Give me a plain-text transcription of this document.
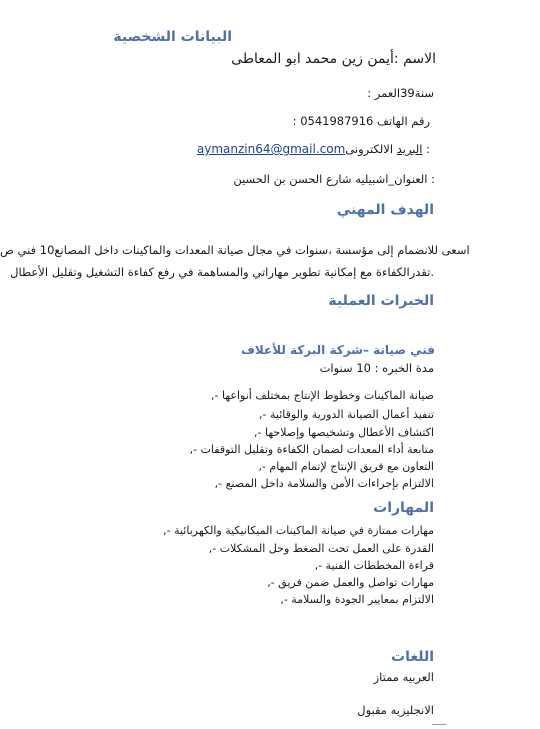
البيانات الشخصية
الاسم :أيمن زين محمد ابو المعاطى
سنة39العمر :
رقم الهاتف 0541987916 :
: البريد الالكترونىaymanzin64@gmail.com
: العنوان_اشبيليه شارع الحسن بن الحسين
الهدف المهني
اسعى للانضمام إلى مؤسسة ،سنوات في مجال صيانة المعدات والماكينات داخل المصانع10 فني ص
.تقدرالكفاءة مع إمكانية تطوير مهاراتي والمساهمة في رفع كفاءة التشغيل وتقليل الأعطال
الخبرات العملية
فني صيانة –شركة البركة للأعلاف
مدة الخبره : 10 سنوات
صيانة الماكينات وخطوط الإنتاج بمختلف أنواعها -,
تنفيذ أعمال الصيانة الدورية والوقائية -,
اكتشاف الأعطال وتشخيصها وإصلاحها -,
متابعة أداء المعدات لضمان الكفاءة وتقليل التوقفات -,
التعاون مع فريق الإنتاج لإتمام المهام -,
الالتزام بإجراءات الأمن والسلامة داخل المصنع -,
المهارات
مهارات ممتازة في صيانة الماكينات الميكانيكية والكهربائية -,
القدرة على العمل تحت الضغط وحل المشكلات -,
قراءة المخططات الفنية -,
مهارات تواصل والعمل ضمن فريق -,
الالتزام بمعايير الجودة والسلامة -,
اللغات
العربيه ممتاز
الانجليزيه مقبول
